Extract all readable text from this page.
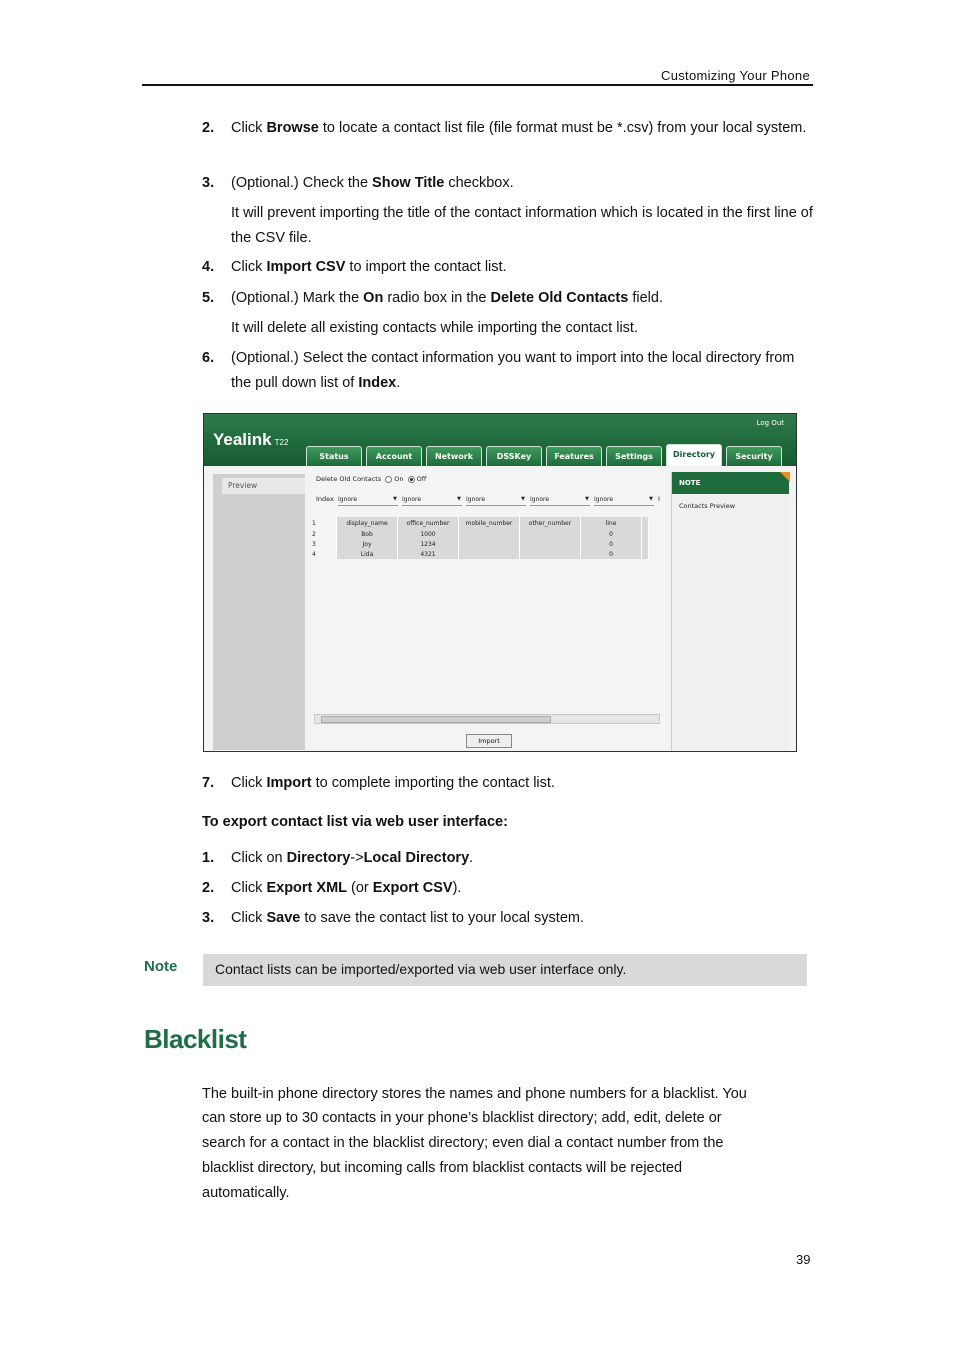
Customizing Your Phone
2. Click Browse to locate a contact list file (file format must be *.csv) from your local system.
3. (Optional.) Check the Show Title checkbox.
It will prevent importing the title of the contact information which is located in the first line of the CSV file.
4. Click Import CSV to import the contact list.
5. (Optional.) Mark the On radio box in the Delete Old Contacts field.
It will delete all existing contacts while importing the contact list.
6. (Optional.) Select the contact information you want to import into the local directory from the pull down list of Index.
Yealink T22
Log Out
Status	Account	Network	DSSKey	Features	Settings	Directory	Security
Preview
Delete Old Contacts On Off
Index Ignore	▼ Ignore	▼ Ignore	▼ Ignore	▼ Ignore	▼ I
1	display_name	office_number	mobile_number	other_number	line	
2	Bob	1000			0	
3	Joy	1234			0	
4	Lida	4321			0	
Import
NOTE
Contacts Preview
7. Click Import to complete importing the contact list.
To export contact list via web user interface:
1. Click on Directory->Local Directory.
2. Click Export XML (or Export CSV).
3. Click Save to save the contact list to your local system.
Note	Contact lists can be imported/exported via web user interface only.
Blacklist
The built-in phone directory stores the names and phone numbers for a blacklist. You
can store up to 30 contacts in your phone’s blacklist directory; add, edit, delete or
search for a contact in the blacklist directory; even dial a contact number from the
blacklist directory, but incoming calls from blacklist contacts will be rejected
automatically.
39
